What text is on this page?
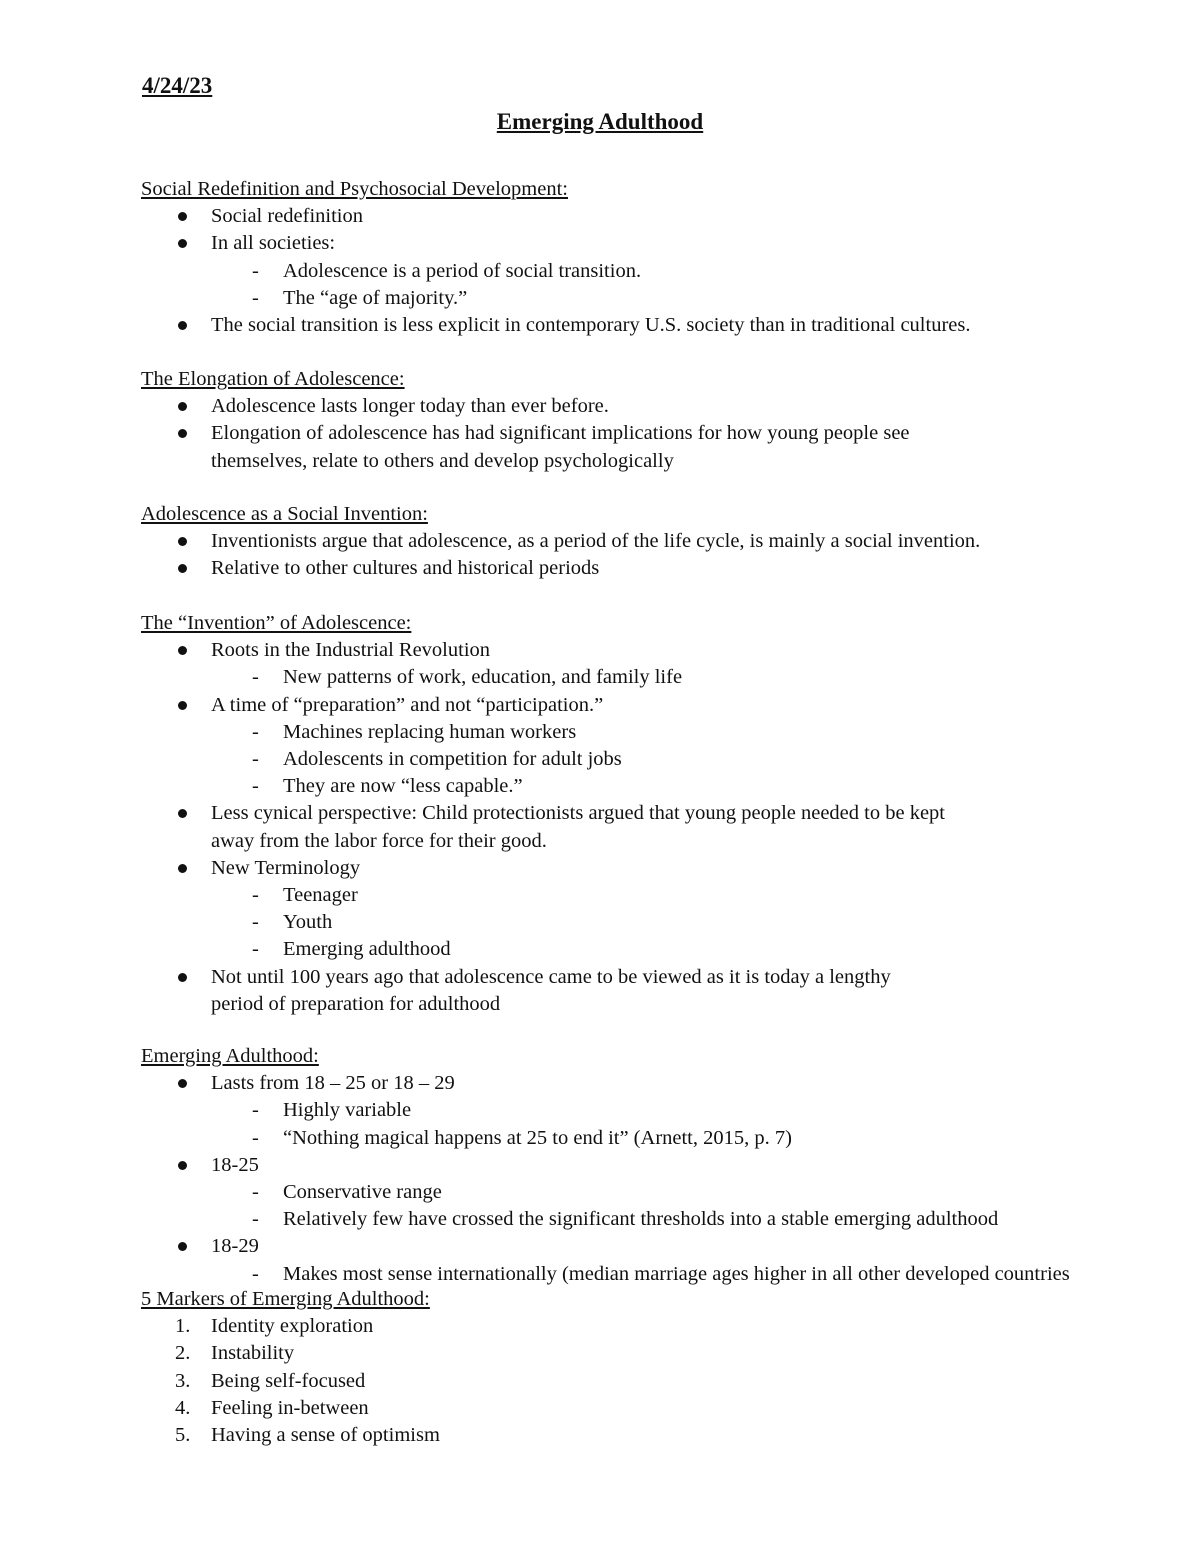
4/24/23

Emerging Adulthood

Social Redefinition and Psychosocial Development:
Social redefinition
In all societies:
- Adolescence is a period of social transition.
- The “age of majority.”
The social transition is less explicit in contemporary U.S. society than in traditional cultures.
The Elongation of Adolescence:
Adolescence lasts longer today than ever before.
Elongation of adolescence has had significant implications for how young people see
themselves, relate to others and develop psychologically
Adolescence as a Social Invention:
Inventionists argue that adolescence, as a period of the life cycle, is mainly a social invention.
Relative to other cultures and historical periods
The “Invention” of Adolescence:
Roots in the Industrial Revolution
- New patterns of work, education, and family life
A time of “preparation” and not “participation.”
- Machines replacing human workers
- Adolescents in competition for adult jobs
- They are now “less capable.”
Less cynical perspective: Child protectionists argued that young people needed to be kept
away from the labor force for their good.
New Terminology
- Teenager
- Youth
- Emerging adulthood
Not until 100 years ago that adolescence came to be viewed as it is today a lengthy
period of preparation for adulthood
Emerging Adulthood:
Lasts from 18 – 25 or 18 – 29
- Highly variable
- “Nothing magical happens at 25 to end it” (Arnett, 2015, p. 7)
18-25
- Conservative range
- Relatively few have crossed the significant thresholds into a stable emerging adulthood
18-29
- Makes most sense internationally (median marriage ages higher in all other developed countries
5 Markers of Emerging Adulthood:
1. Identity exploration
2. Instability
3. Being self-focused
4. Feeling in-between
5. Having a sense of optimism
